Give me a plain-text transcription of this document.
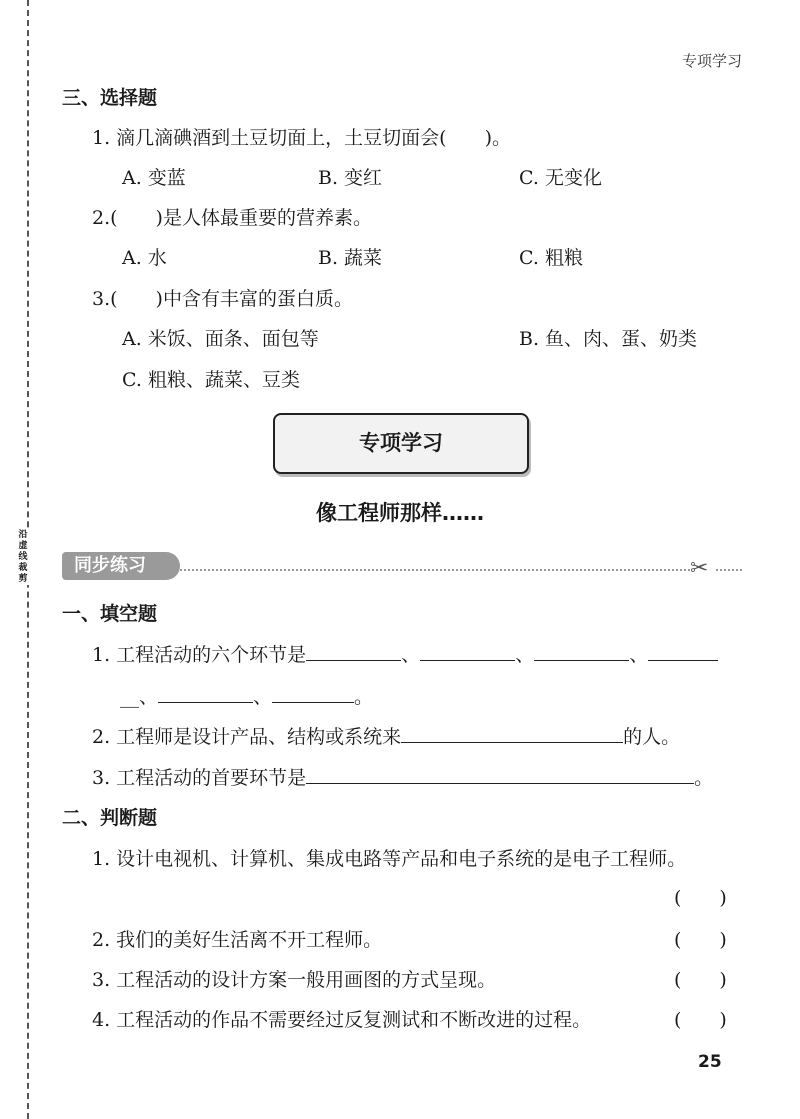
沿虚线裁剪
专项学习
三、选择题
1. 滴几滴碘酒到土豆切面上，土豆切面会(　　)。
A. 变蓝	B. 变红	C. 无变化
2.(　　)是人体最重要的营养素。
A. 水	B. 蔬菜	C. 粗粮
3.(　　)中含有丰富的蛋白质。
A. 米饭、面条、面包等	B. 鱼、肉、蛋、奶类
C. 粗粮、蔬菜、豆类
专项学习
像工程师那样……
同步练习	✂
一、填空题
1. 工程活动的六个环节是	、	、	、
__、	、	。
2. 工程师是设计产品、结构或系统来	的人。
3. 工程活动的首要环节是	。
二、判断题
1. 设计电视机、计算机、集成电路等产品和电子系统的是电子工程师。
(　　)
2. 我们的美好生活离不开工程师。	(　　)
3. 工程活动的设计方案一般用画图的方式呈现。	(　　)
4. 工程活动的作品不需要经过反复测试和不断改进的过程。	(　　)
25
